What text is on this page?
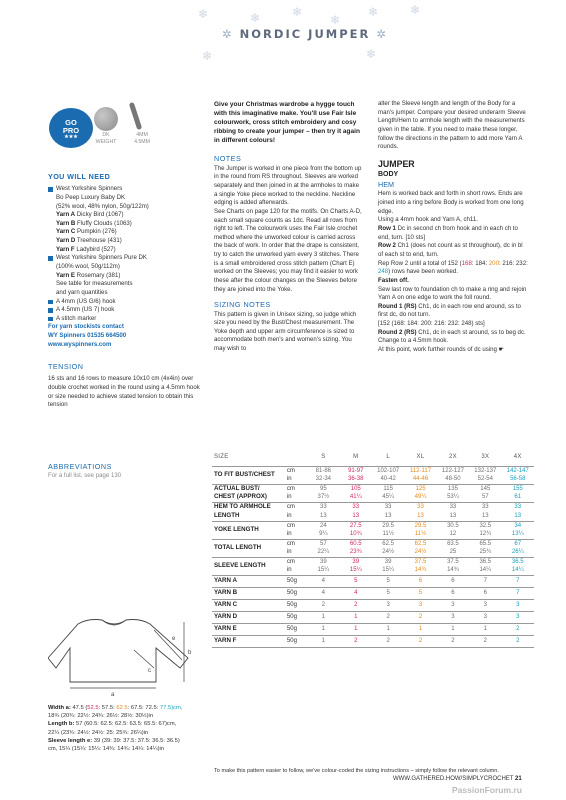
❄	❄	❄
❄
❄	❄
❄	❄
✲ NORDIC JUMPER ✲
GO
PRO
★★★	DK
WEIGHT
4MM
4.5MM
YOU WILL NEED
West Yorkshire Spinners
Bo Peep Luxury Baby DK
(52% wool, 48% nylon, 50g/122m)
Yarn A Dicky Bird (1067)
Yarn B Fluffy Clouds (1063)
Yarn C Pumpkin (276)
Yarn D Treehouse (431)
Yarn F Ladybird (527)
West Yorkshire Spinners Pure DK
(100% wool, 50g/112m)
Yarn E Rosemary (381)
See table for measurements
and yarn quantities
A 4mm (US G/6) hook
A 4.5mm (US 7) hook
A stitch marker
For yarn stockists contact
WY Spinners 01535 664500
www.wyspinners.com
TENSION
16 sts and 16 rows to measure 10x10 cm (4x4in) over double crochet worked in the round using a 4.5mm hook or size needed to achieve stated tension to obtain this tension
ABBREVIATIONS
For a full list, see page 130
a
b
c
e
Width a: 47.5 (52.5: 57.5: 62.5: 67.5: 72.5: 77.5)cm,
18¾ (20¾: 22½: 24¾: 26½: 28½: 30½)in
Length b: 57 (60.5: 62.5: 62.5: 63.5: 65.5: 67)cm,
22¼ (23¾: 24½: 24½: 25: 25¾: 26¼)in
Sleeve length e: 39 (39: 39: 37.5: 37.5: 36.5: 36.5)
cm, 15¼ (15¼: 15¼: 14¾: 14¾: 14¼: 14¼)in
Give your Christmas wardrobe a hygge touch with this imaginative make. You'll use Fair Isle colourwork, cross stitch embroidery and cosy ribbing to create your jumper – then try it again in different colours!
NOTES
The Jumper is worked in one piece from the bottom up in the round from RS throughout. Sleeves are worked separately and then joined in at the armholes to make a single Yoke piece worked to the neckline. Neckline edging is added afterwards.
See Charts on page 120 for the motifs. On Charts A-D, each small square counts as 1dc. Read all rows from right to left. The colourwork uses the Fair Isle crochet method where the unworked colour is carried across the back of work. In order that the drape is consistent, try to catch the unworked yarn every 3 stitches. There is a small embroidered cross stitch pattern (Chart E) worked on the Sleeves; you may find it easier to work these after the colour changes on the Sleeves before they are joined into the Yoke.
SIZING NOTES
This pattern is given in Unisex sizing, so judge which size you need by the Bust/Chest measurement. The Yoke depth and upper arm circumference is sized to accommodate both men's and women's sizing. You may wish to
alter the Sleeve length and length of the Body for a man's jumper. Compare your desired underarm Sleeve Length/Hem to armhole length with the measurements given in the table. If you need to make these longer, follow the directions in the pattern to add more Yarn A rounds.
JUMPER
BODY
HEM
Hem is worked back and forth in short rows. Ends are joined into a ring before Body is worked from one long edge.
Using a 4mm hook and Yarn A, ch11.
Row 1 Dc in second ch from hook and in each ch to end, turn. [10 sts]
Row 2 Ch1 (does not count as st throughout), dc in bl of each st to end, turn.
Rep Row 2 until a total of 152 (168: 184: 200: 216: 232: 248) rows have been worked.
Fasten off.
Sew last row to foundation ch to make a ring and rejoin Yarn A on one edge to work the foll round.
Round 1 (RS) Ch1, dc in each row end around, ss to first dc, do not turn.
[152 (168: 184: 200: 216: 232: 248) sts]
Round 2 (RS) Ch1, dc in each st around, ss to beg dc.
Change to a 4.5mm hook.
At this point, work further rounds of dc using ☛
SIZE		S	M	L	XL	2X	3X	4X

TO FIT BUST/CHEST	cm	81-86	91-97	102-107	112-117	122-127	132-137	142-147
	in	32-34	36-38	40-42	44-46	48-50	52-54	56-58

ACTUAL BUST/
CHEST (APPROX)	cm	95	105	115	125	135	145	155
	in	37½	41¼	45¼	49¼	53¼	57	61

HEM TO ARMHOLE
LENGTH	cm	33	33	33	33	33	33	33
	in	13	13	13	13	13	13	13

YOKE LENGTH	cm	24	27.5	29.5	29.5	30.5	32.5	34
	in	9¼	10¾	11½	11½	12	12¾	13¼

TOTAL LENGTH	cm	57	60.5	62.5	62.5	63.5	65.5	67
	in	22¼	23¾	24½	24½	25	25¾	26¼

SLEEVE LENGTH	cm	39	39	39	37.5	37.5	36.5	36.5
	in	15¼	15¼	15¼	14¾	14¾	14¼	14¼
YARN A	50g	4	5	5	6	6	7	7
YARN B	50g	4	4	5	5	6	6	7
YARN C	50g	2	2	3	3	3	3	3
YARN D	50g	1	1	2	2	3	3	3
YARN E	50g	1	1	1	1	1	1	2
YARN F	50g	1	2	2	2	2	2	2

To make this pattern easier to follow, we've colour-coded the sizing instructions – simply follow the relevant column.
WWW.GATHERED.HOW/SIMPLYCROCHET 21
PassionForum.ru
